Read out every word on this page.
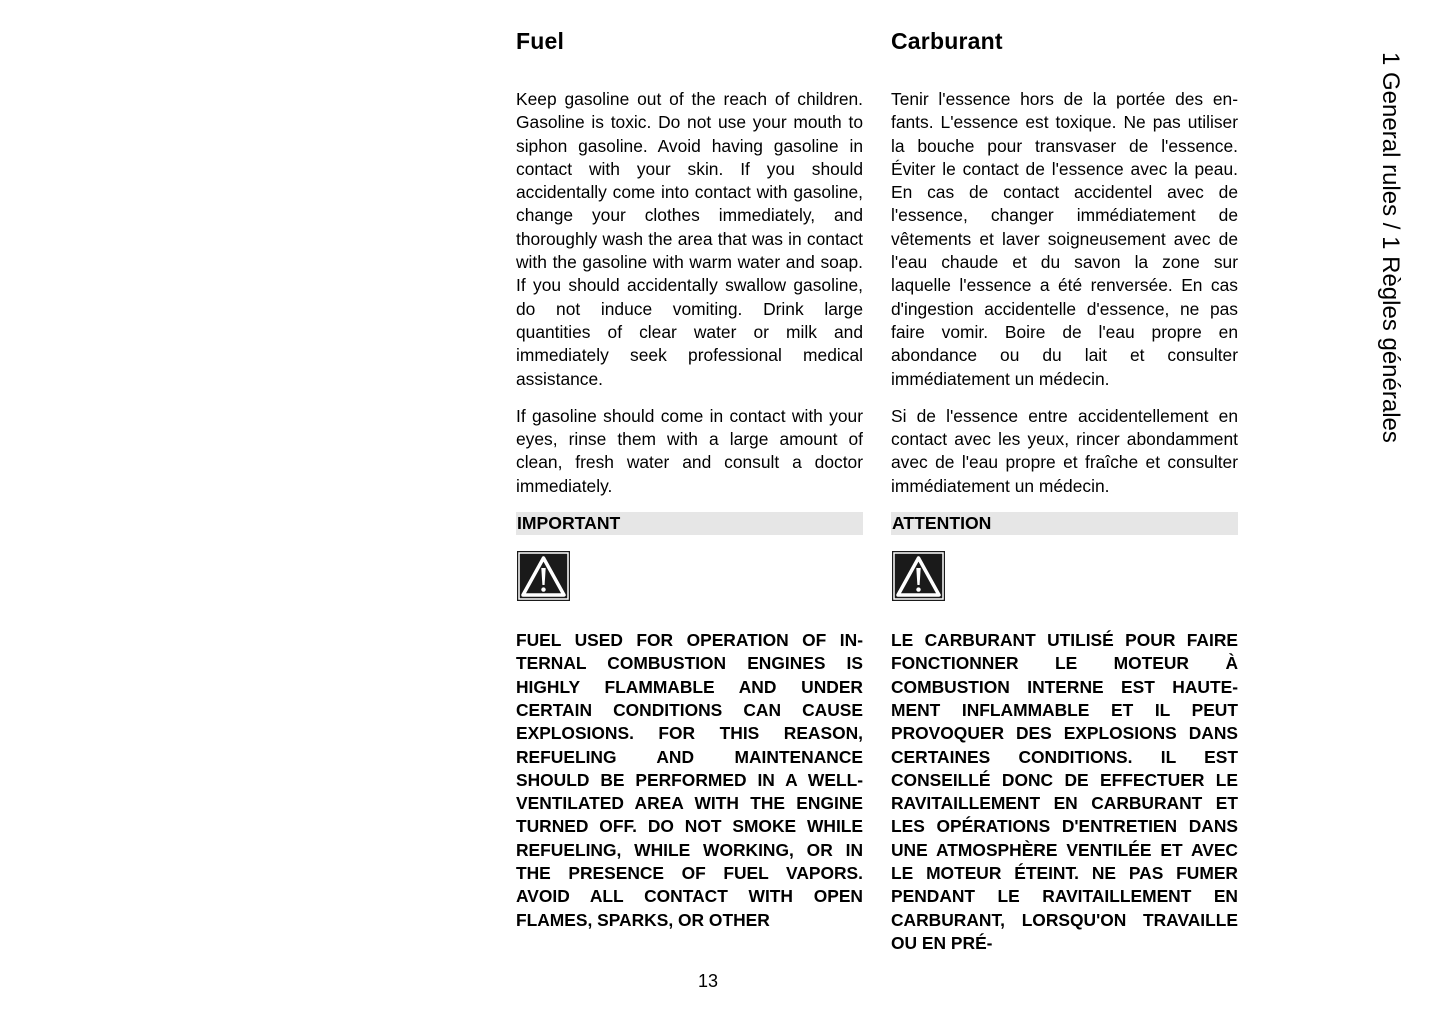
Fuel

Keep gasoline out of the reach of children. Gasoline is toxic. Do not use your mouth to siphon gasoline. Avoid having gasoline in contact with your skin. If you should accidentally come into contact with gasoline, change your clothes immediately, and thoroughly wash the area that was in contact with the gasoline with warm water and soap. If you should accidentally swallow gasoline, do not induce vomiting. Drink large quantities of clear water or milk and immediately seek professional medical assistance.

If gasoline should come in contact with your eyes, rinse them with a large amount of clean, fresh water and consult a doctor immediately.

IMPORTANT

FUEL USED FOR OPERATION OF INTERNAL COMBUSTION ENGINES IS HIGHLY FLAMMABLE AND UNDER CERTAIN CONDITIONS CAN CAUSE EXPLOSIONS. FOR THIS REASON, REFUELING AND MAINTENANCE SHOULD BE PERFORMED IN A WELL-VENTILATED AREA WITH THE ENGINE TURNED OFF. DO NOT SMOKE WHILE REFUELING, WHILE WORKING, OR IN THE PRESENCE OF FUEL VAPORS. AVOID ALL CONTACT WITH OPEN FLAMES, SPARKS, OR OTHER

Carburant

Tenir l'essence hors de la portée des enfants. L'essence est toxique. Ne pas utiliser la bouche pour transvaser de l'essence. Éviter le contact de l'essence avec la peau. En cas de contact accidentel avec de l'essence, changer immédiatement de vêtements et laver soigneusement avec de l'eau chaude et du savon la zone sur laquelle l'essence a été renversée. En cas d'ingestion accidentelle d'essence, ne pas faire vomir. Boire de l'eau propre en abondance ou du lait et consulter immédiatement un médecin.

Si de l'essence entre accidentellement en contact avec les yeux, rincer abondamment avec de l'eau propre et fraîche et consulter immédiatement un médecin.

ATTENTION

LE CARBURANT UTILISÉ POUR FAIRE FONCTIONNER LE MOTEUR À COMBUSTION INTERNE EST HAUTEMENT INFLAMMABLE ET IL PEUT PROVOQUER DES EXPLOSIONS DANS CERTAINES CONDITIONS. IL EST CONSEILLÉ DONC DE EFFECTUER LE RAVITAILLEMENT EN CARBURANT ET LES OPÉRATIONS D'ENTRETIEN DANS UNE ATMOSPHÈRE VENTILÉE ET AVEC LE MOTEUR ÉTEINT. NE PAS FUMER PENDANT LE RAVITAILLEMENT EN CARBURANT, LORSQU'ON TRAVAILLE OU EN PRÉ-

1 General rules / 1 Règles générales
13
